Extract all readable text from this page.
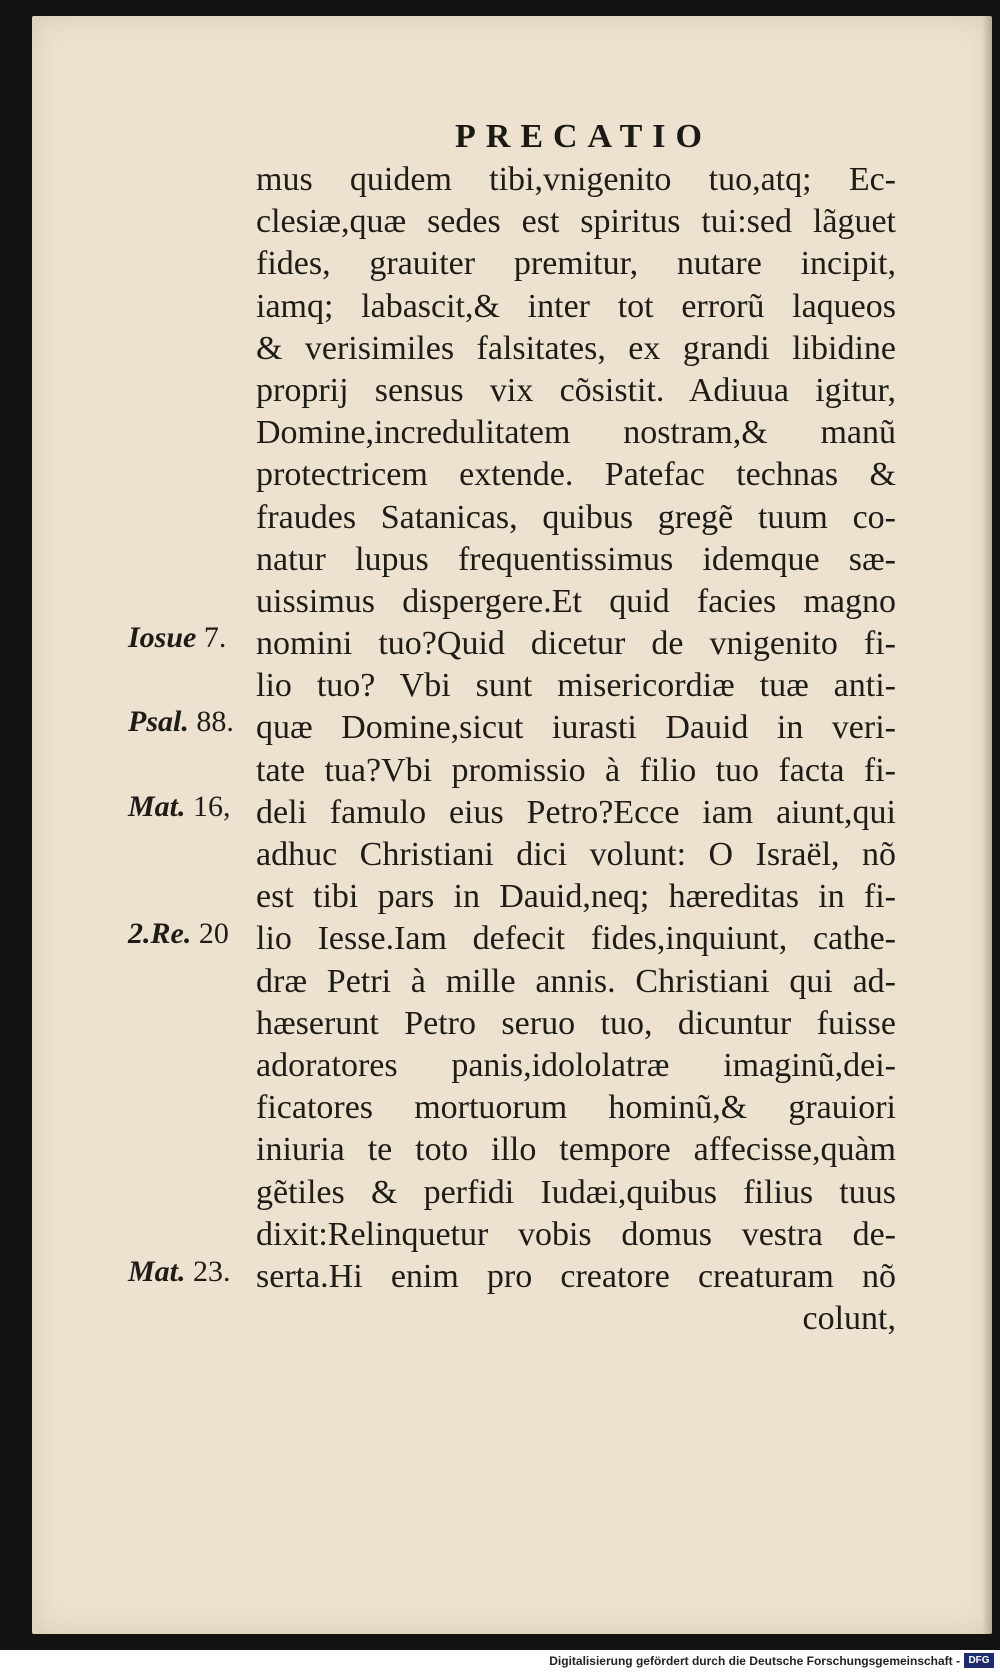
PRECATIO
mus quidem tibi,vnigenito tuo,atq; Ec-
clesiæ,quæ sedes est spiritus tui:sed lãguet
fides, grauiter premitur, nutare incipit,
iamq; labascit,& inter tot errorũ laqueos
& verisimiles falsitates, ex grandi libidine
proprij sensus vix cõsistit. Adiuua igitur,
Domine,incredulitatem nostram,& manũ
protectricem extende. Patefac technas &
fraudes Satanicas, quibus gregẽ tuum co-
natur lupus frequentissimus idemque sæ-
uissimus dispergere.Et quid facies magno
nomini tuo?Quid dicetur de vnigenito fi-
lio tuo? Vbi sunt misericordiæ tuæ anti-
quæ Domine,sicut iurasti Dauid in veri-
tate tua?Vbi promissio à filio tuo facta fi-
deli famulo eius Petro?Ecce iam aiunt,qui
adhuc Christiani dici volunt: O Israël, nõ
est tibi pars in Dauid,neq; hæreditas in fi-
lio Iesse.Iam defecit fides,inquiunt, cathe-
dræ Petri à mille annis. Christiani qui ad-
hæserunt Petro seruo tuo, dicuntur fuisse
adoratores panis,idololatræ imaginũ,dei-
ficatores mortuorum hominũ,& grauiori
iniuria te toto illo tempore affecisse,quàm
gẽtiles & perfidi Iudæi,quibus filius tuus
dixit:Relinquetur vobis domus vestra de-
serta.Hi enim pro creatore creaturam nõ
colunt,
Iosue 7.
Psal. 88.
Mat. 16,
2.Re. 20
Mat. 23.
Digitalisierung gefördert durch die Deutsche Forschungsgemeinschaft - DFG
